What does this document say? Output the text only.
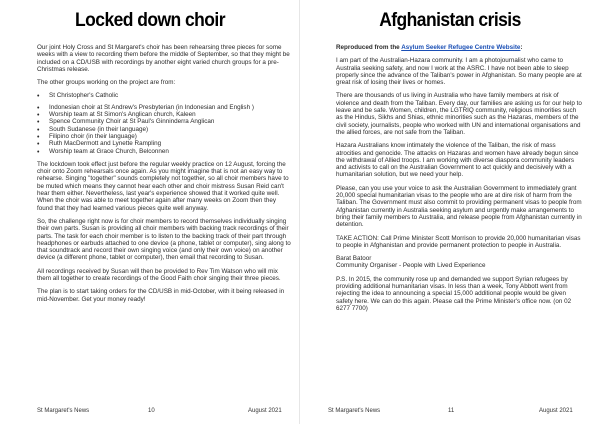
Locked down choir

Our joint Holy Cross and St Margaret's choir has been rehearsing three pieces for some weeks with a view to recording them before the middle of September, so that they might be included on a CD/USB with recordings by another eight varied church groups for a pre-Christmas release.

The other groups working on the project are from:

• St Christopher's Catholic
• Indonesian choir at St Andrew's Presbyterian (in Indonesian and English )
• Worship team at St Simon's Anglican church, Kaleen
• Spence Community Choir at St Paul's Ginninderra Anglican
• South Sudanese (in their language)
• Filipino choir (in their language)
• Ruth MacDermott and Lynette Rampling
• Worship team at Grace Church, Belconnen

The lockdown took effect just before the regular weekly practice on 12 August, forcing the choir onto Zoom rehearsals once again. As you might imagine that is not an easy way to rehearse. Singing "together" sounds completely not together, so all choir members have to be muted which means they cannot hear each other and choir mistress Susan Reid can't hear them either. Nevertheless, last year's experience showed that it worked quite well. When the choir was able to meet together again after many weeks on Zoom then they found that they had learned various pieces quite well anyway.

So, the challenge right now is for choir members to record themselves individually singing their own parts. Susan is providing all choir members with backing track recordings of their parts. The task for each choir member is to listen to the backing track of their part through headphones or earbuds attached to one device (a phone, tablet or computer), sing along to that soundtrack and record their own singing voice (and only their own voice) on another device (a different phone, tablet or computer), then email that recording to Susan.

All recordings received by Susan will then be provided to Rev Tim Watson who will mix them all together to create recordings of the Good Faith choir singing their three pieces.

The plan is to start taking orders for the CD/USB in mid-October, with it being released in mid-November. Get your money ready!

St Margaret's News	10	August 2021
Afghanistan crisis

Reproduced from the Asylum Seeker Refugee Centre Website:

I am part of the Australian-Hazara community. I am a photojournalist who came to Australia seeking safety, and now I work at the ASRC. I have not been able to sleep properly since the advance of the Taliban's power in Afghanistan. So many people are at great risk of losing their lives or homes.

There are thousands of us living in Australia who have family members at risk of violence and death from the Taliban. Every day, our families are asking us for our help to leave and be safe. Women, children, the LGTRIQ community, religious minorities such as the Hindus, Sikhs and Shias, ethnic minorities such as the Hazaras, members of the civil society, journalists, people who worked with UN and international organisations and the allied forces, are not safe from the Taliban.

Hazara Australians know intimately the violence of the Taliban, the risk of mass atrocities and genocide. The attacks on Hazaras and women have already begun since the withdrawal of Allied troops. I am working with diverse diaspora community leaders and activists to call on the Australian Government to act quickly and decisively with a humanitarian solution, but we need your help.

Please, can you use your voice to ask the Australian Government to immediately grant 20,000 special humanitarian visas to the people who are at dire risk of harm from the Taliban. The Government must also commit to providing permanent visas to people from Afghanistan currently in Australia seeking asylum and urgently make arrangements to bring their family members to Australia, and release people from Afghanistan currently in detention.

TAKE ACTION: Call Prime Minister Scott Morrison to provide 20,000 humanitarian visas to people in Afghanistan and provide permanent protection to people in Australia.

Barat Batoor

Community Organiser - People with Lived Experience

P.S. In 2015, the community rose up and demanded we support Syrian refugees by providing additional humanitarian visas. In less than a week, Tony Abbott went from rejecting the idea to announcing a special 15,000 additional people would be given safety here. We can do this again. Please call the Prime Minister's office now. (on 02 6277 7700)

St Margaret's News	11	August 2021
